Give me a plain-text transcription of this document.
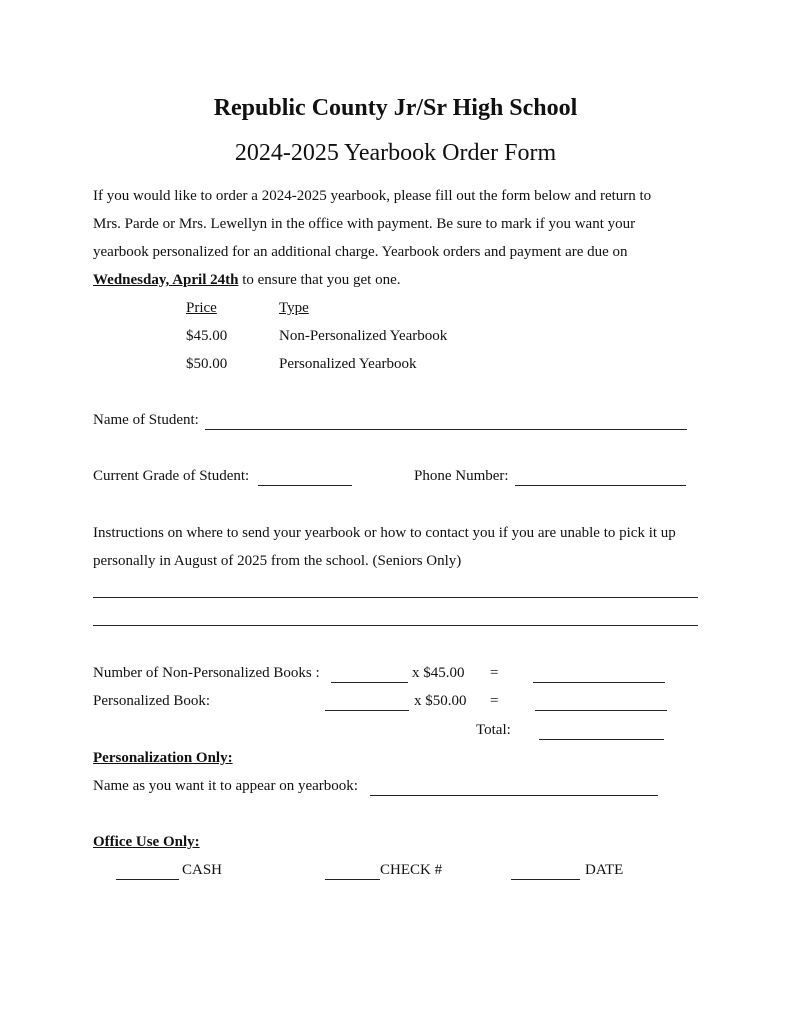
Republic County Jr/Sr High School
2024-2025 Yearbook Order Form
If you would like to order a 2024-2025 yearbook, please fill out the form below and return to
Mrs. Parde or Mrs. Lewellyn in the office with payment. Be sure to mark if you want your
yearbook personalized for an additional charge. Yearbook orders and payment are due on
Wednesday, April 24th to ensure that you get one.
Price	Type
$45.00	Non-Personalized Yearbook
$50.00	Personalized Yearbook
Name of Student:
Current Grade of Student:	Phone Number:
Instructions on where to send your yearbook or how to contact you if you are unable to pick it up
personally in August of 2025 from the school. (Seniors Only)
Number of Non-Personalized Books :	x $45.00 =
Personalized Book:	x $50.00 =
Total:
Personalization Only:
Name as you want it to appear on yearbook:
Office Use Only:
CASH	CHECK #	DATE
